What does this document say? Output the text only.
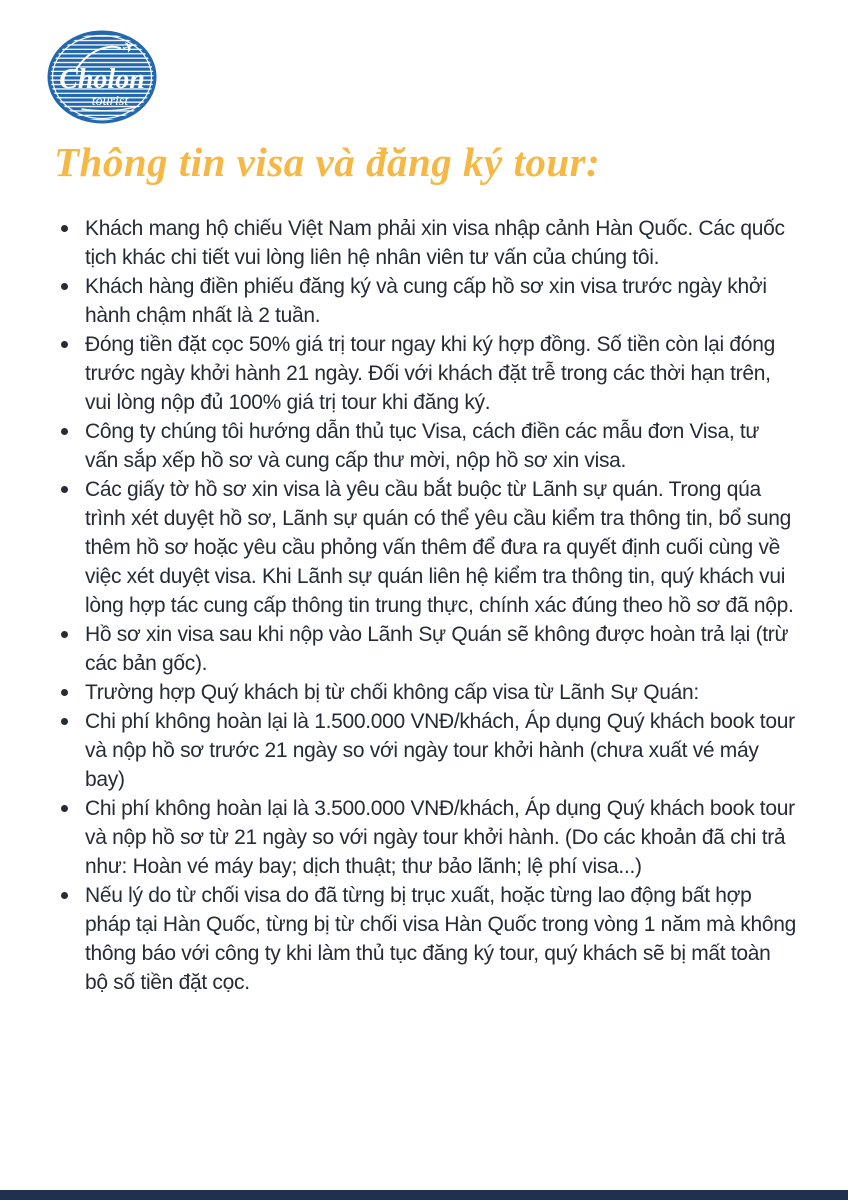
✈
Cholon
tourist
Thông tin visa và đăng ký tour:
Khách mang hộ chiếu Việt Nam phải xin visa nhập cảnh Hàn Quốc. Các quốc tịch khác chi tiết vui lòng liên hệ nhân viên tư vấn của chúng tôi.
Khách hàng điền phiếu đăng ký và cung cấp hồ sơ xin visa trước ngày khởi hành chậm nhất là 2 tuần.
Đóng tiền đặt cọc 50% giá trị tour ngay khi ký hợp đồng. Số tiền còn lại đóng trước ngày khởi hành 21 ngày. Đối với khách đặt trễ trong các thời hạn trên, vui lòng nộp đủ 100% giá trị tour khi đăng ký.
Công ty chúng tôi hướng dẫn thủ tục Visa, cách điền các mẫu đơn Visa, tư vấn sắp xếp hồ sơ và cung cấp thư mời, nộp hồ sơ xin visa.
Các giấy tờ hồ sơ xin visa là yêu cầu bắt buộc từ Lãnh sự quán. Trong qúa trình xét duyệt hồ sơ, Lãnh sự quán có thể yêu cầu kiểm tra thông tin, bổ sung thêm hồ sơ hoặc yêu cầu phỏng vấn thêm để đưa ra quyết định cuối cùng về việc xét duyệt visa. Khi Lãnh sự quán liên hệ kiểm tra thông tin, quý khách vui lòng hợp tác cung cấp thông tin trung thực, chính xác đúng theo hồ sơ đã nộp.
Hồ sơ xin visa sau khi nộp vào Lãnh Sự Quán sẽ không được hoàn trả lại (trừ các bản gốc).
Trường hợp Quý khách bị từ chối không cấp visa từ Lãnh Sự Quán:
Chi phí không hoàn lại là 1.500.000 VNĐ/khách, Áp dụng Quý khách book tour và nộp hồ sơ trước 21 ngày so với ngày tour khởi hành (chưa xuất vé máy bay)
Chi phí không hoàn lại là 3.500.000 VNĐ/khách, Áp dụng Quý khách book tour và nộp hồ sơ từ 21 ngày so với ngày tour khởi hành. (Do các khoản đã chi trả như: Hoàn vé máy bay; dịch thuật; thư bảo lãnh; lệ phí visa...)
Nếu lý do từ chối visa do đã từng bị trục xuất, hoặc từng lao động bất hợp pháp tại Hàn Quốc, từng bị từ chối visa Hàn Quốc trong vòng 1 năm mà không thông báo với công ty khi làm thủ tục đăng ký tour, quý khách sẽ bị mất toàn bộ số tiền đặt cọc.
